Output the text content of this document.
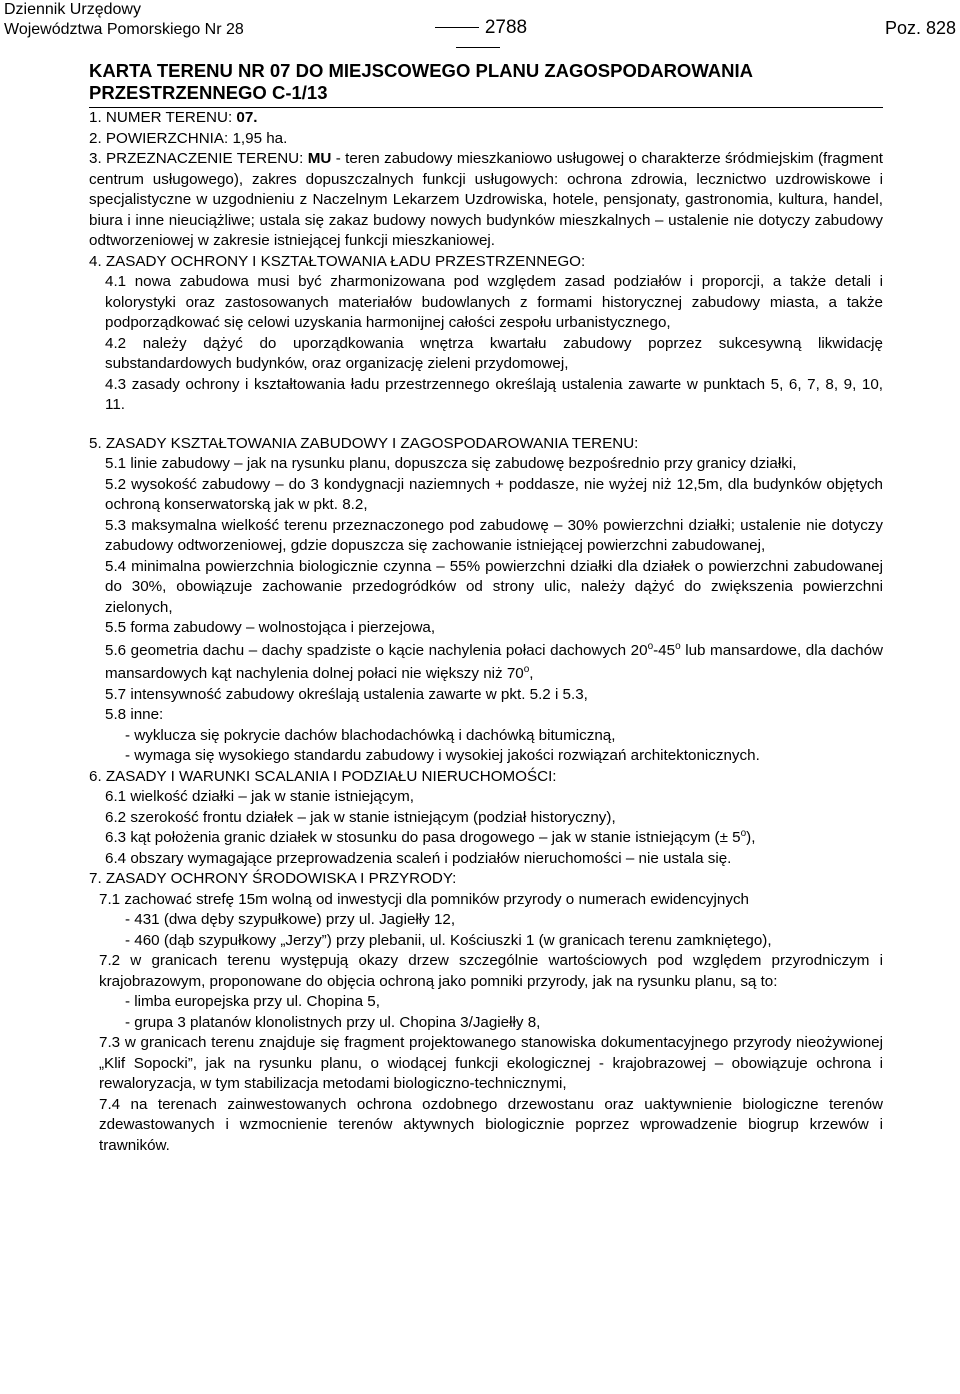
Dziennik Urzędowy
Województwa Pomorskiego Nr 28	2788	Poz. 828
KARTA TERENU NR 07 DO MIEJSCOWEGO PLANU ZAGOSPODAROWANIA
PRZESTRZENNEGO C-1/13

1. NUMER TERENU: 07.

2. POWIERZCHNIA: 1,95 ha.

3. PRZEZNACZENIE TERENU: MU - teren zabudowy mieszkaniowo usługowej o charakterze śródmiejskim (fragment centrum usługowego), zakres dopuszczalnych funkcji usługowych: ochrona zdrowia, lecznictwo uzdrowiskowe i specjalistyczne w uzgodnieniu z Naczelnym Lekarzem Uzdrowiska, hotele, pensjonaty, gastronomia, kultura, handel, biura i inne nieuciążliwe; ustala się zakaz budowy nowych budynków mieszkalnych – ustalenie nie dotyczy zabudowy odtworzeniowej w zakresie istniejącej funkcji mieszkaniowej.

4. ZASADY OCHRONY I KSZTAŁTOWANIA ŁADU PRZESTRZENNEGO:

4.1 nowa zabudowa musi być zharmonizowana pod względem zasad podziałów i proporcji, a także detali i kolorystyki oraz zastosowanych materiałów budowlanych z formami historycznej zabudowy miasta, a także podporządkować się celowi uzyskania harmonijnej całości zespołu urbanistycznego,

4.2 należy dążyć do uporządkowania wnętrza kwartału zabudowy poprzez sukcesywną likwidację substandardowych budynków, oraz organizację zieleni przydomowej,

4.3 zasady ochrony i kształtowania ładu przestrzennego określają ustalenia zawarte w punktach 5, 6, 7, 8, 9, 10, 11.

5. ZASADY KSZTAŁTOWANIA ZABUDOWY I ZAGOSPODAROWANIA TERENU:

5.1 linie zabudowy – jak na rysunku planu, dopuszcza się zabudowę bezpośrednio przy granicy działki,

5.2 wysokość zabudowy – do 3 kondygnacji naziemnych + poddasze, nie wyżej niż 12,5m, dla budynków objętych ochroną konserwatorską jak w pkt. 8.2,

5.3 maksymalna wielkość terenu przeznaczonego pod zabudowę – 30% powierzchni działki; ustalenie nie dotyczy zabudowy odtworzeniowej, gdzie dopuszcza się zachowanie istniejącej powierzchni zabudowanej,

5.4 minimalna powierzchnia biologicznie czynna – 55% powierzchni działki dla działek o powierzchni zabudowanej do 30%, obowiązuje zachowanie przedogródków od strony ulic, należy dążyć do zwiększenia powierzchni zielonych,

5.5 forma zabudowy – wolnostojąca i pierzejowa,

5.6 geometria dachu – dachy spadziste o kącie nachylenia połaci dachowych 20$^o$-45$^o$ lub mansardowe, dla dachów mansardowych kąt nachylenia dolnej połaci nie większy niż 70$^o$,

5.7 intensywność zabudowy określają ustalenia zawarte w pkt. 5.2 i 5.3,

5.8 inne:

- wyklucza się pokrycie dachów blachodachówką i dachówką bitumiczną,

- wymaga się wysokiego standardu zabudowy i wysokiej jakości rozwiązań architektonicznych.

6. ZASADY I WARUNKI SCALANIA I PODZIAŁU NIERUCHOMOŚCI:

6.1 wielkość działki – jak w stanie istniejącym,

6.2 szerokość frontu działek – jak w stanie istniejącym (podział historyczny),

6.3 kąt położenia granic działek w stosunku do pasa drogowego – jak w stanie istniejącym (± $5^o$),

6.4 obszary wymagające przeprowadzenia scaleń i podziałów nieruchomości – nie ustala się.

7. ZASADY OCHRONY ŚRODOWISKA I PRZYRODY:

7.1 zachować strefę 15m wolną od inwestycji dla pomników przyrody o numerach ewidencyjnych

- 431 (dwa dęby szypułkowe) przy ul. Jagiełły 12,

- 460 (dąb szypułkowy „Jerzy”) przy plebanii, ul. Kościuszki 1 (w granicach terenu zamkniętego),

7.2 w granicach terenu występują okazy drzew szczególnie wartościowych pod względem przyrodniczym i krajobrazowym, proponowane do objęcia ochroną jako pomniki przyrody, jak na rysunku planu, są to:

- limba europejska przy ul. Chopina 5,

- grupa 3 platanów klonolistnych przy ul. Chopina 3/Jagiełły 8,

7.3 w granicach terenu znajduje się fragment projektowanego stanowiska dokumentacyjnego przyrody nieożywionej „Klif Sopocki”, jak na rysunku planu, o wiodącej funkcji ekologicznej - krajobrazowej – obowiązuje ochrona i rewaloryzacja, w tym stabilizacja metodami biologiczno-technicznymi,

7.4 na terenach zainwestowanych ochrona ozdobnego drzewostanu oraz uaktywnienie biologiczne terenów zdewastowanych i wzmocnienie terenów aktywnych biologicznie poprzez wprowadzenie biogrup krzewów i trawników.
